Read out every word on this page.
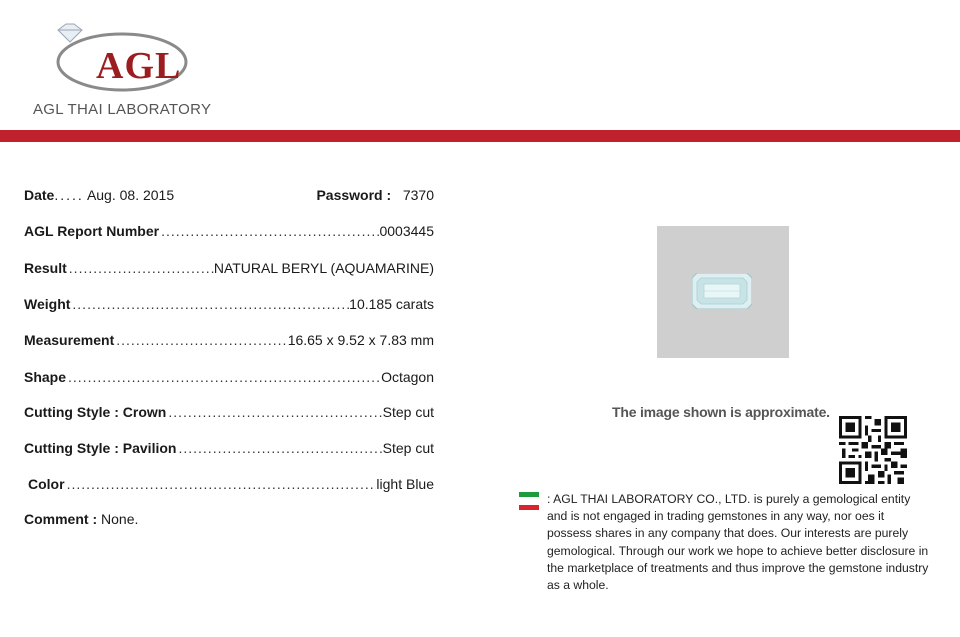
AGL
AGL THAI LABORATORY
Date..... Aug. 08. 2015	Password : 7370
AGL Report Number .....	0003445
Result .....	NATURAL BERYL (AQUAMARINE)
Weight .....	10.185 carats
Measurement .....	16.65 x 9.52 x 7.83 mm
Shape .....	Octagon
Cutting Style : Crown .....	Step cut
Cutting Style : Pavilion .....	Step cut
Color .....	light Blue
Comment : None.
The image shown is approximate.
: AGL THAI LABORATORY CO., LTD. is purely a gemological entity and is not engaged in trading gemstones in any way, nor oes it possess shares in any company that does. Our interests are purely gemological. Through our work we hope to achieve better disclosure in the marketplace of treatments and thus improve the gemstone industry as a whole.
